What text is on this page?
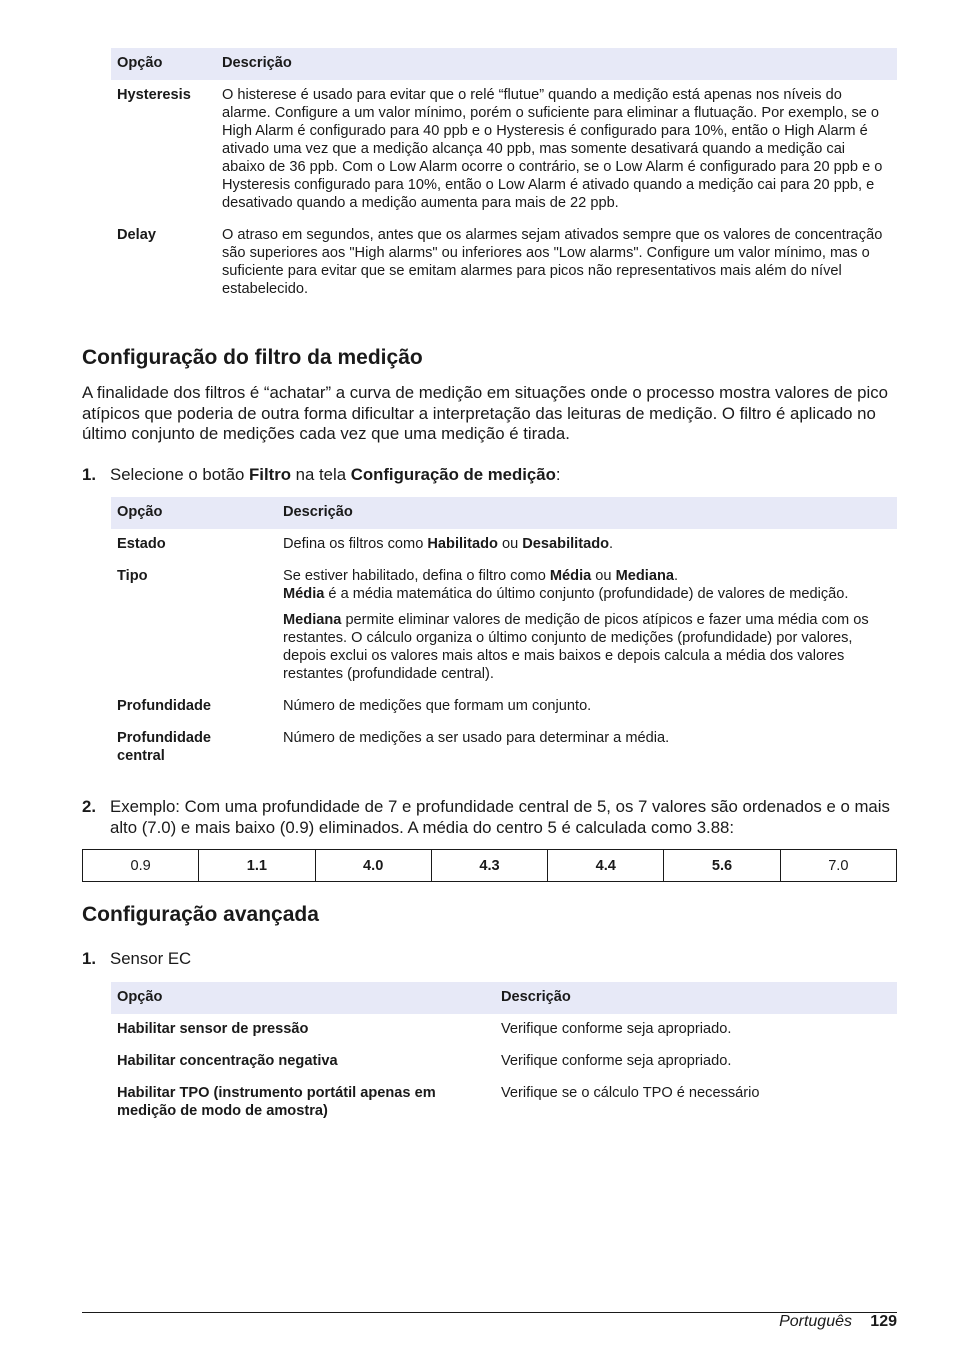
Opção	Descrição
Hysteresis	O histerese é usado para evitar que o relé “flutue” quando a medição está apenas nos níveis do alarme. Configure a um valor mínimo, porém o suficiente para eliminar a flutuação. Por exemplo, se o High Alarm é configurado para 40 ppb e o Hysteresis é configurado para 10%, então o High Alarm é ativado uma vez que a medição alcança 40 ppb, mas somente desativará quando a medição cai abaixo de 36 ppb. Com o Low Alarm ocorre o contrário, se o Low Alarm é configurado para 20 ppb e o Hysteresis configurado para 10%, então o Low Alarm é ativado quando a medição cai para 20 ppb, e desativado quando a medição aumenta para mais de 22 ppb.
Delay	O atraso em segundos, antes que os alarmes sejam ativados sempre que os valores de concentração são superiores aos "High alarms" ou inferiores aos "Low alarms". Configure um valor mínimo, mas o suficiente para evitar que se emitam alarmes para picos não representativos mais além do nível estabelecido.
Configuração do filtro da medição

A finalidade dos filtros é “achatar” a curva de medição em situações onde o processo mostra valores de pico atípicos que poderia de outra forma dificultar a interpretação das leituras de medição. O filtro é aplicado no último conjunto de medições cada vez que uma medição é tirada.

1. Selecione o botão Filtro na tela Configuração de medição:
Opção	Descrição
Estado	Defina os filtros como Habilitado ou Desabilitado.
Tipo	Se estiver habilitado, defina o filtro como Média ou Mediana.
Média é a média matemática do último conjunto (profundidade) de valores de medição.

Mediana permite eliminar valores de medição de picos atípicos e fazer uma média com os restantes. O cálculo organiza o último conjunto de medições (profundidade) por valores, depois exclui os valores mais altos e mais baixos e depois calcula a média dos valores restantes (profundidade central).

Profundidade	Número de medições que formam um conjunto.
Profundidade central	Número de medições a ser usado para determinar a média.
2. Exemplo: Com uma profundidade de 7 e profundidade central de 5, os 7 valores são ordenados e o mais alto (7.0) e mais baixo (0.9) eliminados. A média do centro 5 é calculada como 3.88:
0.9	1.1	4.0	4.3	4.4	5.6	7.0
Configuração avançada
1. Sensor EC
Opção	Descrição
Habilitar sensor de pressão	Verifique conforme seja apropriado.
Habilitar concentração negativa	Verifique conforme seja apropriado.
Habilitar TPO (instrumento portátil apenas em medição de modo de amostra)	Verifique se o cálculo TPO é necessário
Português 129
